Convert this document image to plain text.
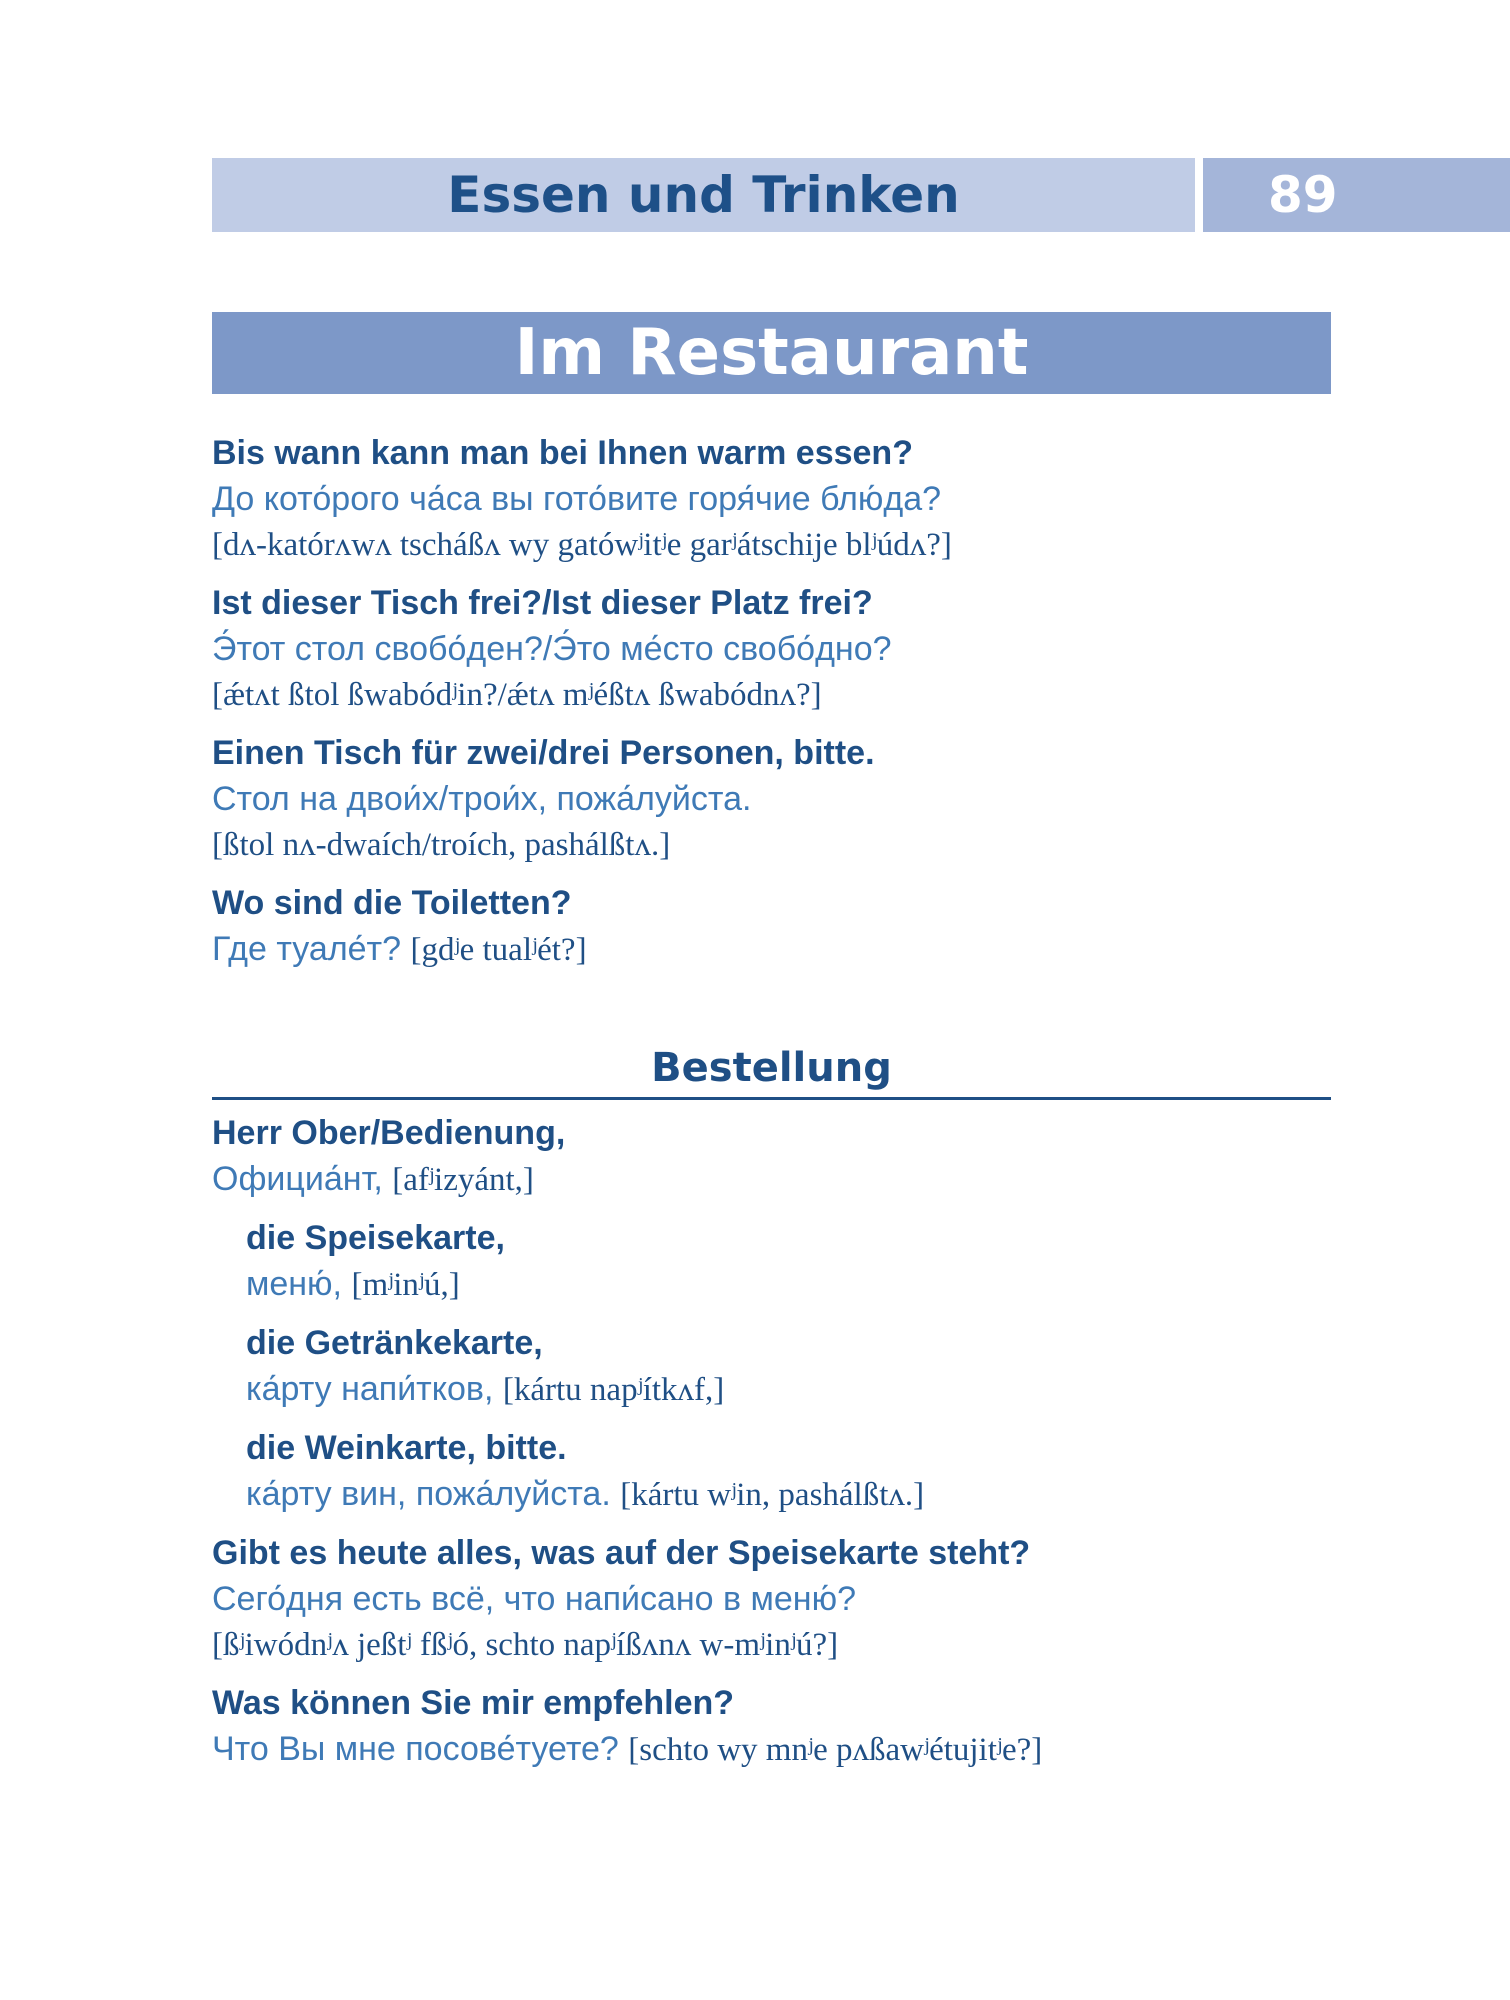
Essen und Trinken	89
Im Restaurant
Bis wann kann man bei Ihnen warm essen?
До кото́рого ча́са вы гото́вите горя́чие блю́да?
[dʌ-katórʌwʌ tscháßʌ wy gatówʲitʲe garʲátschije blʲúdʌ?]
Ist dieser Tisch frei?/Ist dieser Platz frei?
Э́тот стол свобо́ден?/Э́то ме́сто свобо́дно?
[ǽtʌt ßtol ßwabódʲin?/ǽtʌ mʲéßtʌ ßwabódnʌ?]
Einen Tisch für zwei/drei Personen, bitte.
Стол на двои́х/трои́х, пожа́луйста.
[ßtol nʌ-dwaích/troích, pashálßtʌ.]
Wo sind die Toiletten?
Где туале́т? [gdʲe tualʲét?]
Bestellung
Herr Ober/Bedienung,
Официа́нт, [afʲizyánt,]
die Speisekarte,
меню́, [mʲinʲú,]
die Getränkekarte,
ка́рту напи́тков, [kártu napʲítkʌf,]
die Weinkarte, bitte.
ка́рту вин, пожа́луйста. [kártu wʲin, pashálßtʌ.]
Gibt es heute alles, was auf der Speisekarte steht?
Сего́дня есть всё, что напи́сано в меню́?
[ßʲiwódnʲʌ jeßtʲ fßʲó, schto napʲíßʌnʌ w-mʲinʲú?]
Was können Sie mir empfehlen?
Что Вы мне посове́туете? [schto wy mnʲe pʌßawʲétujitʲe?]
